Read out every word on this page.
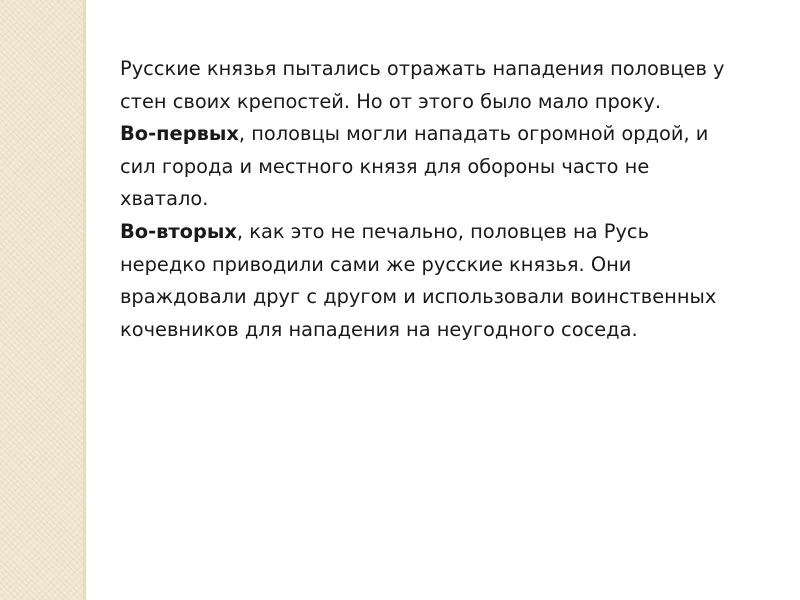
Русские князья пытались отражать нападения половцев у стен своих крепостей. Но от этого было мало проку.

Во-первых, половцы могли нападать огромной ордой, и сил города и местного князя для обороны часто не хватало.

Во-вторых, как это не печально, половцев на Русь нередко приводили сами же русские князья. Они враждовали друг с другом и использовали воинственных кочевников для нападения на неугодного соседа.
